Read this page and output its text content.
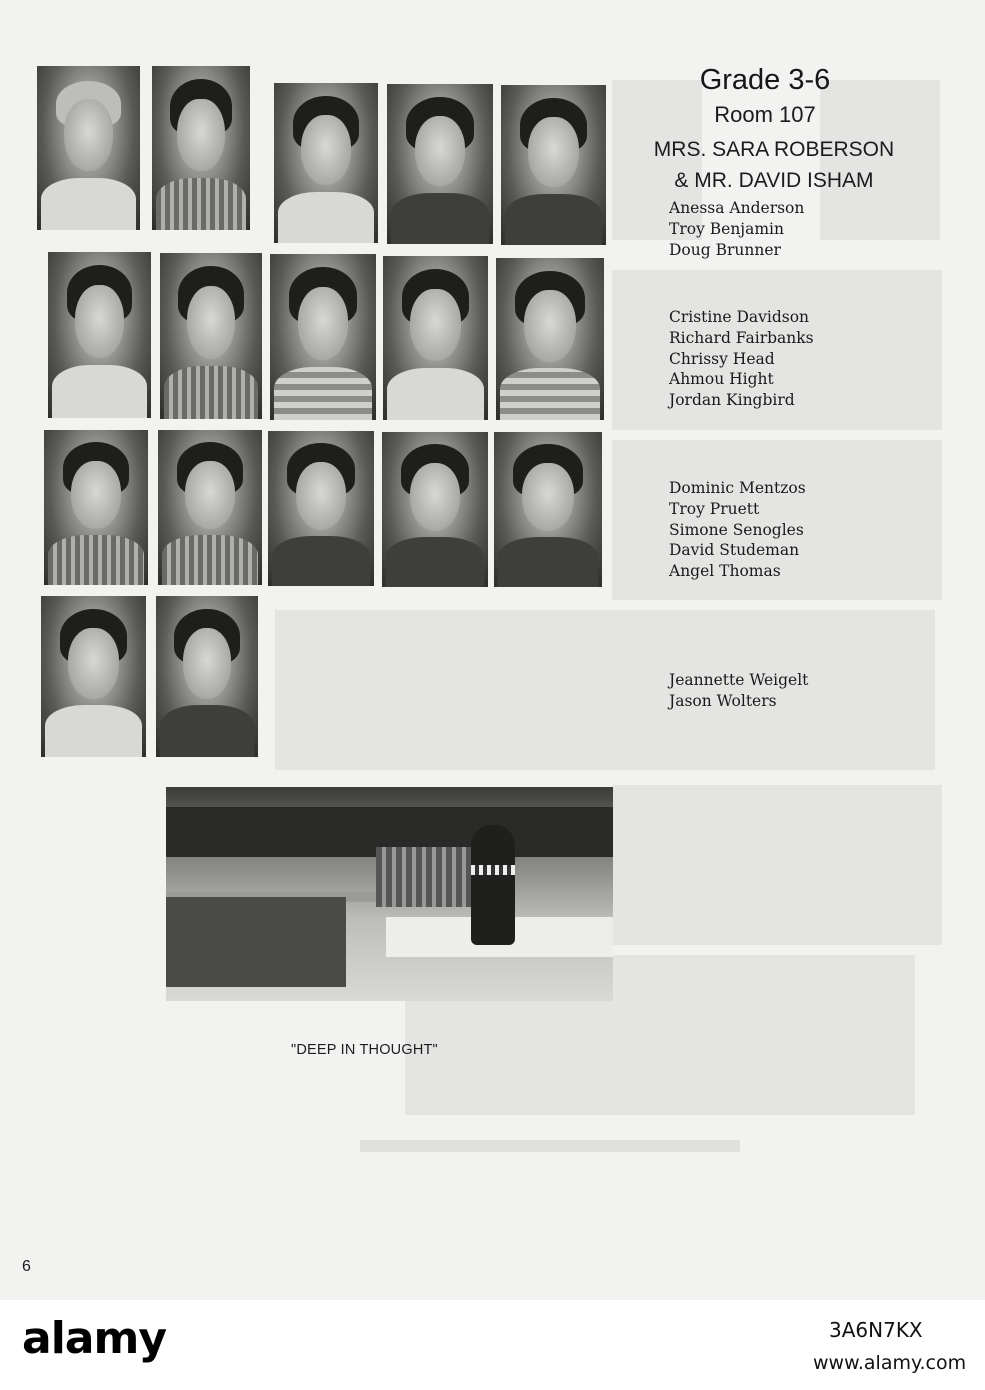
Grade 3-6
Room 107
MRS. SARA ROBERSON
& MR. DAVID ISHAM
Anessa Anderson
Troy Benjamin
Doug Brunner
Cristine Davidson
Richard Fairbanks
Chrissy Head
Ahmou Hight
Jordan Kingbird
Dominic Mentzos
Troy Pruett
Simone Senogles
David Studeman
Angel Thomas
Jeannette Weigelt
Jason Wolters
"DEEP IN THOUGHT"
6
alamy	3A6N7KX
www.alamy.com
